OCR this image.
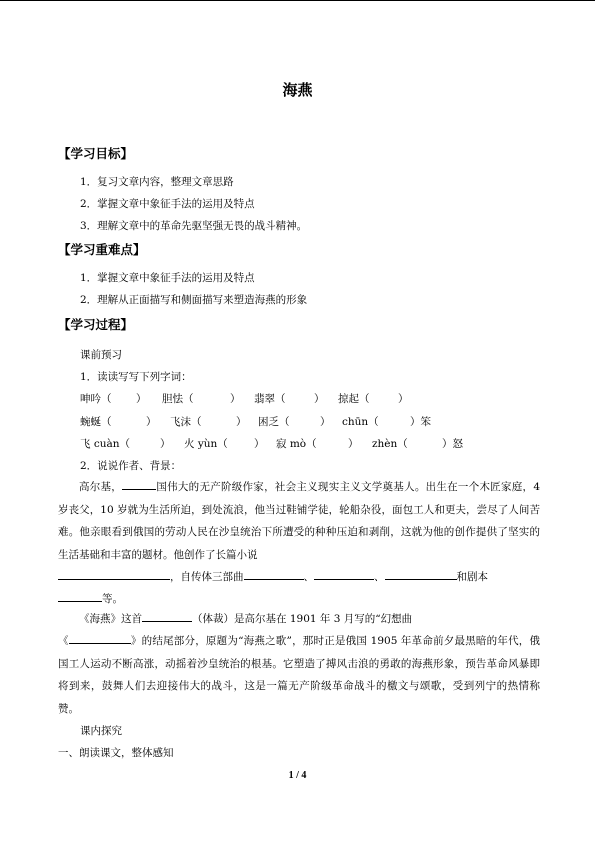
海燕
【学习目标】
1．复习文章内容，整理文章思路
2．掌握文章中象征手法的运用及特点
3．理解文章中的革命先驱坚强无畏的战斗精神。
【学习重难点】
1．掌握文章中象征手法的运用及特点
2．理解从正面描写和侧面描写来塑造海燕的形象
【学习过程】
课前预习
1．读读写写下列字词：
呻吟（ ） 胆怯（	） 翡翠（	） 掠起（	）
蜿蜒（	） 飞沫（	） 困乏（	） chūn（	）笨
飞 cuàn（	） 火 yùn（ ） 寂 mò（	） zhèn（	）怒
2．说说作者、背景：
高尔基，	国伟大的无产阶级作家，社会主义现实主义文学奠基人。出生在一个木匠家庭，4 岁丧父，10 岁就为生活所迫，到处流浪，他当过鞋铺学徒，轮船杂役，面包工人和更夫，尝尽了人间苦难。他亲眼看到俄国的劳动人民在沙皇统治下所遭受的种种压迫和剥削，这就为他的创作提供了坚实的生活基础和丰富的题材。他创作了长篇小说
，自传体三部曲	、	、	和剧本
等。
《海燕》这首	（体裁）是高尔基在 1901 年 3 月写的“幻想曲
《	》的结尾部分，原题为“海燕之歌”，那时正是俄国 1905 年革命前夕最黑暗的年代，俄国工人运动不断高涨，动摇着沙皇统治的根基。它塑造了搏风击浪的勇敢的海燕形象，预告革命风暴即将到来，鼓舞人们去迎接伟大的战斗，这是一篇无产阶级革命战斗的檄文与颂歌，受到列宁的热情称赞。
课内探究
一、朗读课文，整体感知
1 / 4
